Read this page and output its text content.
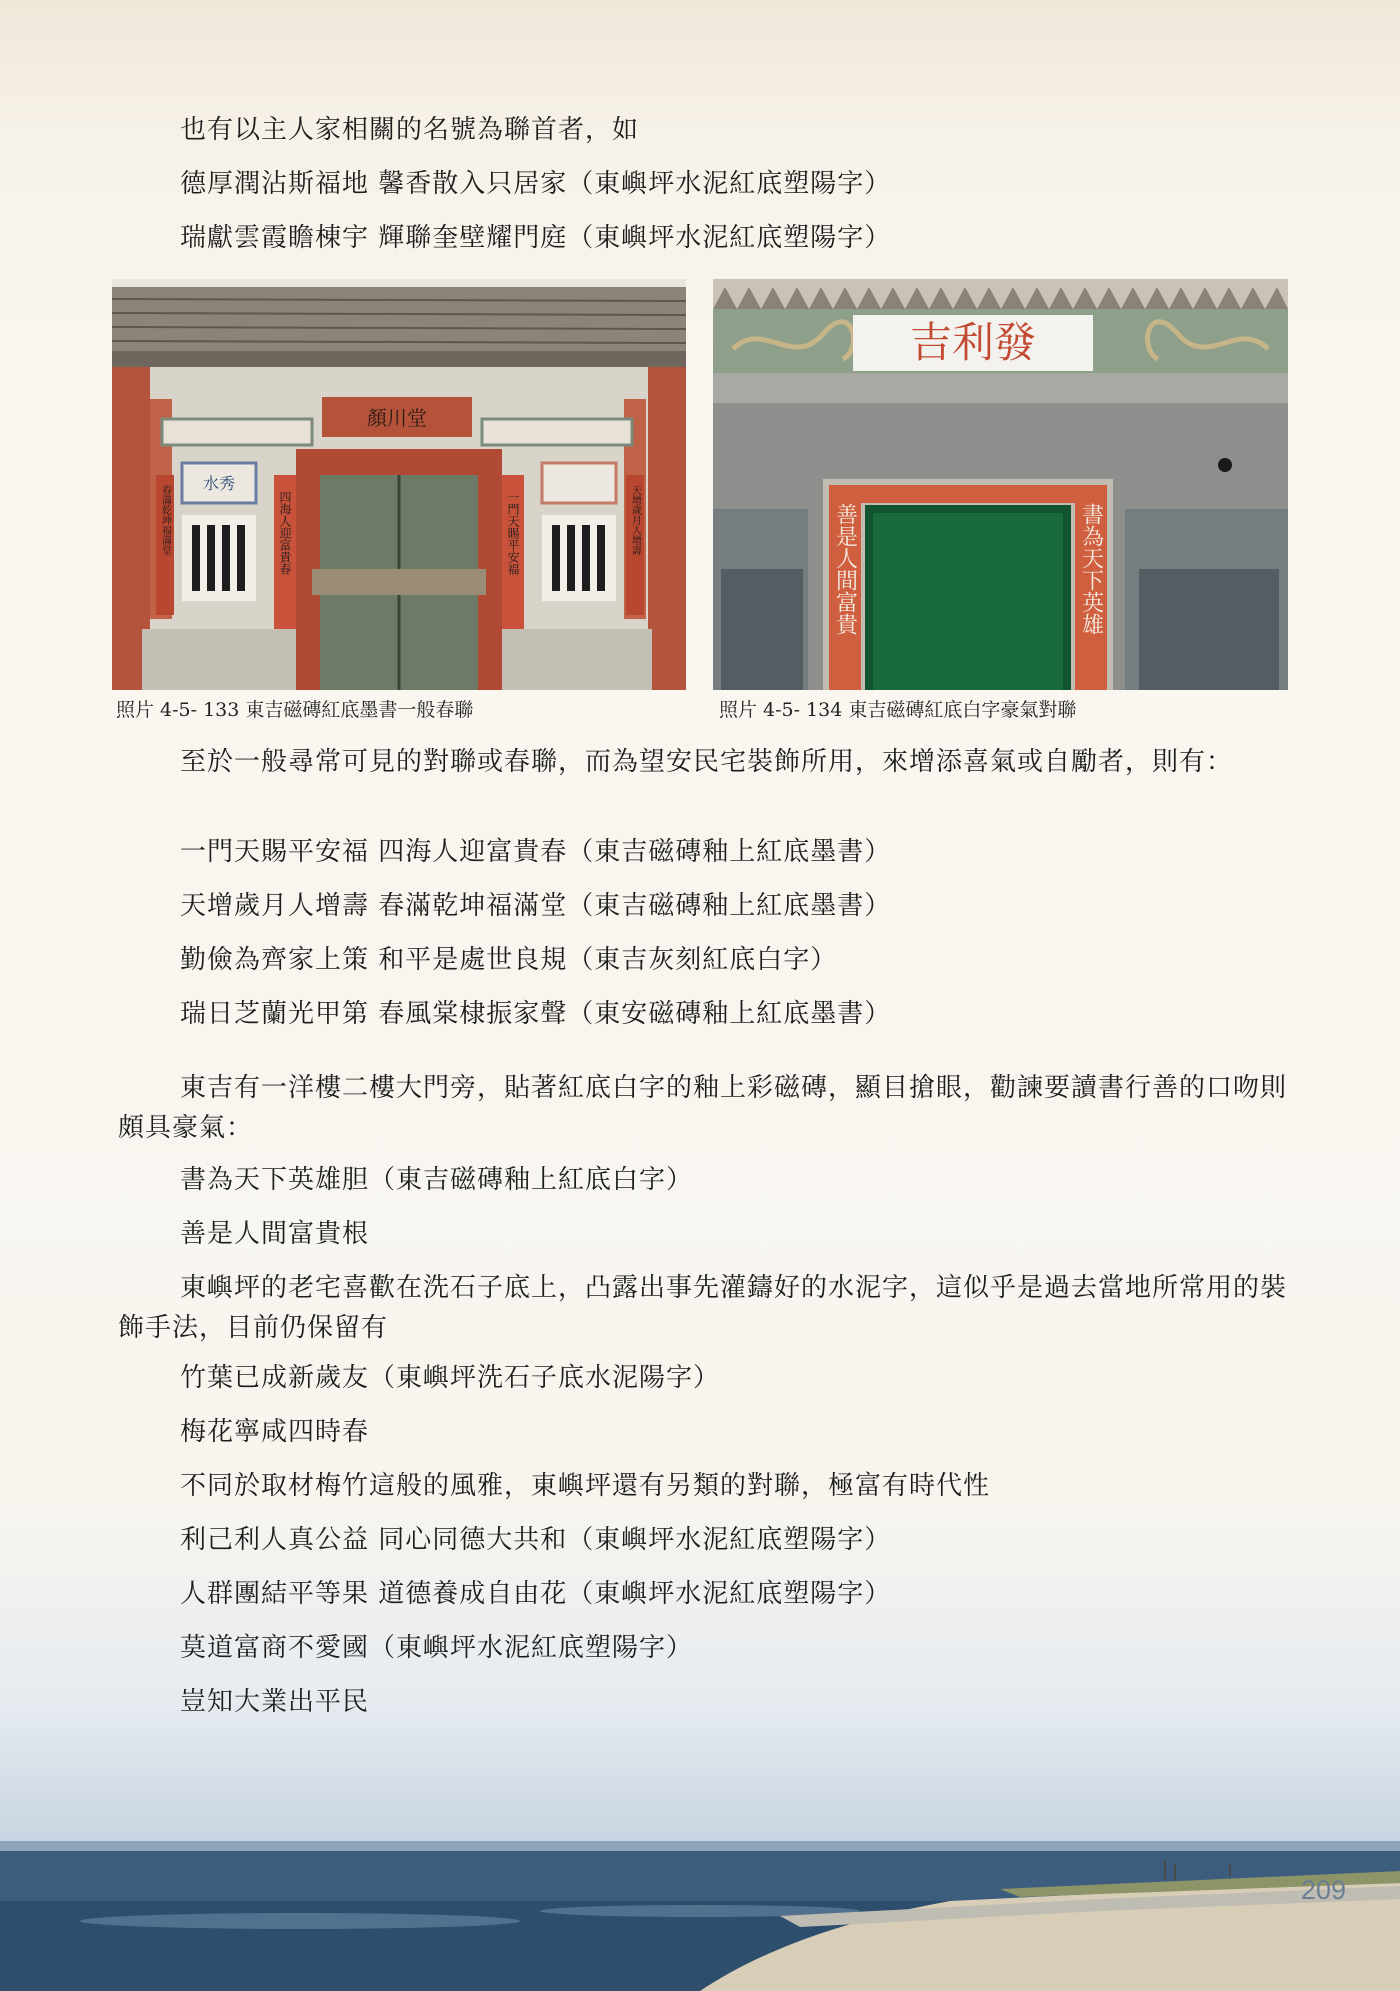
也有以主人家相關的名號為聯首者，如
德厚潤沾斯福地 馨香散入只居家（東嶼坪水泥紅底塑陽字）
瑞獻雲霞瞻棟宇 輝聯奎壁耀門庭（東嶼坪水泥紅底塑陽字）
顏川堂
水秀
四海人迎富貴春	一門天賜平安福
春滿乾坤福滿堂	天增歲月人增壽
照片 4-5- 133 東吉磁磚紅底墨書一般春聯
吉利發
善是人間富貴	書為天下英雄
照片 4-5- 134 東吉磁磚紅底白字豪氣對聯
至於一般尋常可見的對聯或春聯，而為望安民宅裝飾所用，來增添喜氣或自勵者，則有：
一門天賜平安福 四海人迎富貴春（東吉磁磚釉上紅底墨書）
天增歲月人增壽 春滿乾坤福滿堂（東吉磁磚釉上紅底墨書）
勤儉為齊家上策 和平是處世良規（東吉灰刻紅底白字）
瑞日芝蘭光甲第 春風棠棣振家聲（東安磁磚釉上紅底墨書）
東吉有一洋樓二樓大門旁，貼著紅底白字的釉上彩磁磚，顯目搶眼，勸諫要讀書行善的口吻則頗具豪氣：
書為天下英雄胆（東吉磁磚釉上紅底白字）
善是人間富貴根
東嶼坪的老宅喜歡在洗石子底上，凸露出事先灌鑄好的水泥字，這似乎是過去當地所常用的裝飾手法，目前仍保留有
竹葉已成新歲友（東嶼坪洗石子底水泥陽字）
梅花寧咸四時春
不同於取材梅竹這般的風雅，東嶼坪還有另類的對聯，極富有時代性
利己利人真公益 同心同德大共和（東嶼坪水泥紅底塑陽字）
人群團結平等果 道德養成自由花（東嶼坪水泥紅底塑陽字）
莫道富商不愛國（東嶼坪水泥紅底塑陽字）
豈知大業出平民
209
